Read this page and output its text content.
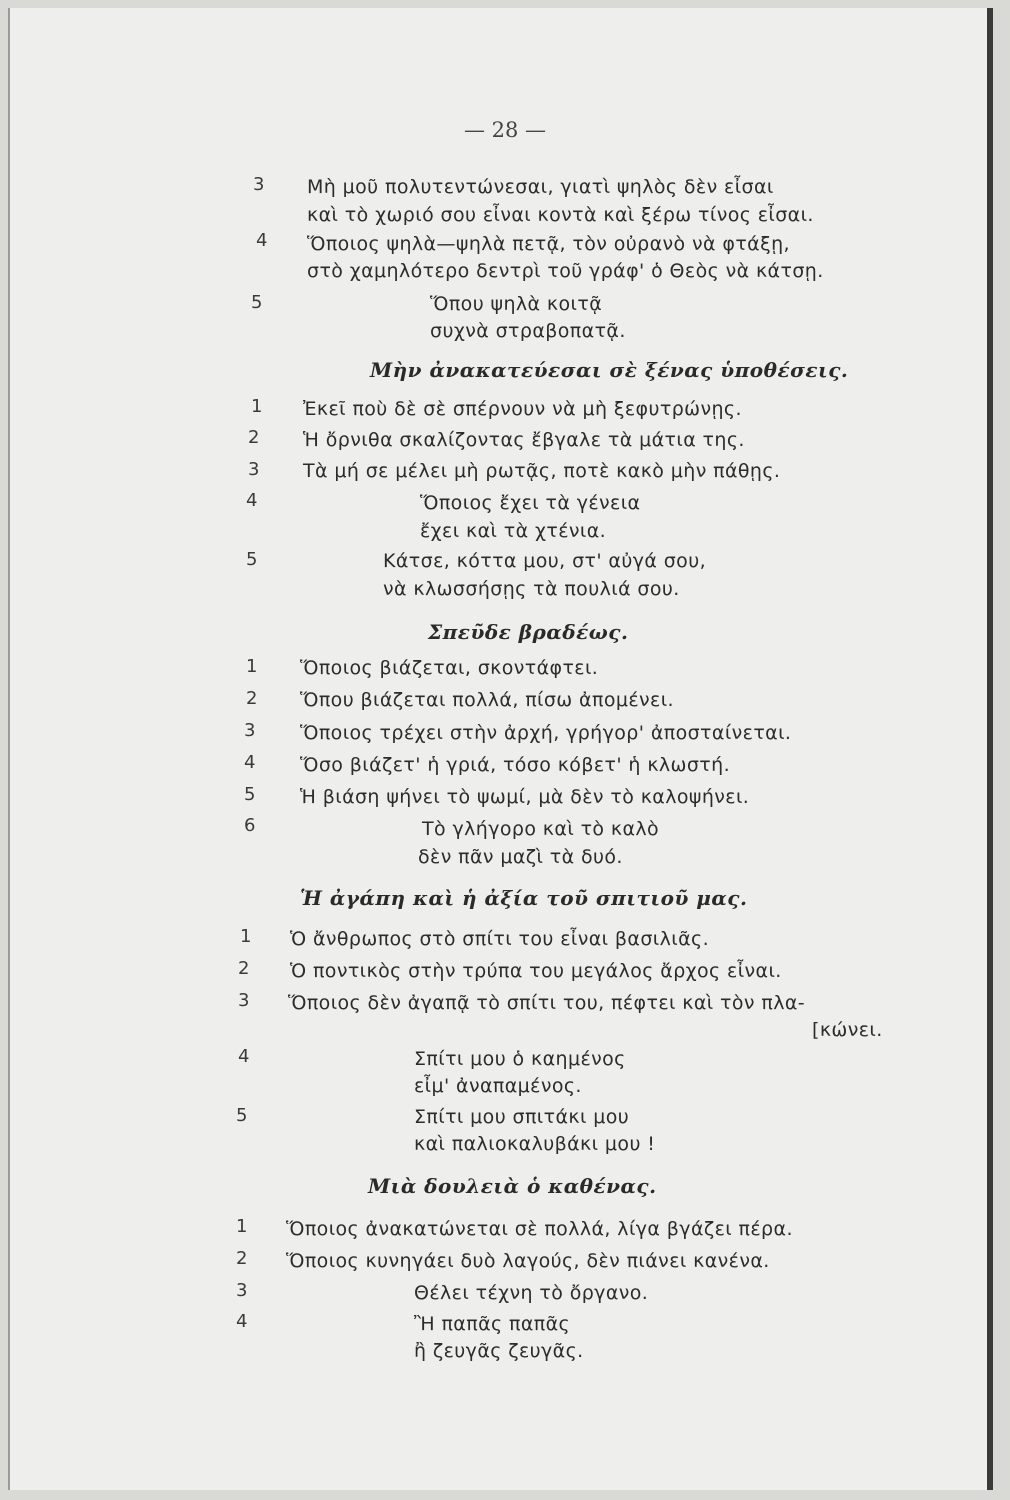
— 28 —
3 Μὴ μοῦ πολυτεντώνεσαι, γιατὶ ψηλὸς δὲν εἶσαι
καὶ τὸ χωριό σου εἶναι κοντὰ καὶ ξέρω τίνος εἶσαι.
4 Ὅποιος ψηλὰ—ψηλὰ πετᾷ, τὸν οὐρανὸ νὰ φτάξῃ,
στὸ χαμηλότερο δεντρὶ τοῦ γράφ' ὁ Θεὸς νὰ κάτσῃ.
5	Ὅπου ψηλὰ κοιτᾷ
συχνὰ στραβοπατᾷ.
Μὴν ἀνακατεύεσαι σὲ ξένας ὑποθέσεις.
1 Ἐκεῖ ποὺ δὲ σὲ σπέρνουν νὰ μὴ ξεφυτρώνῃς.
2 Ἡ ὄρνιθα σκαλίζοντας ἔβγαλε τὰ μάτια της.
3 Τὰ μή σε μέλει μὴ ρωτᾷς, ποτὲ κακὸ μὴν πάθῃς.
4	Ὅποιος ἔχει τὰ γένεια
ἔχει καὶ τὰ χτένια.
5	Κάτσε, κόττα μου, στ' αὐγά σου,
νὰ κλωσσήσῃς τὰ πουλιά σου.
Σπεῦδε βραδέως.
1 Ὅποιος βιάζεται, σκοντάφτει.
2 Ὅπου βιάζεται πολλά, πίσω ἀπομένει.
3 Ὅποιος τρέχει στὴν ἀρχή, γρήγορ' ἀποσταίνεται.
4 Ὅσο βιάζετ' ἡ γριά, τόσο κόβετ' ἡ κλωστή.
5 Ἡ βιάση ψήνει τὸ ψωμί, μὰ δὲν τὸ καλοψήνει.
6	Τὸ γλήγορο καὶ τὸ καλὸ
δὲν πᾶν μαζὶ τὰ δυό.
Ἡ ἀγάπη καὶ ἡ ἀξία τοῦ σπιτιοῦ μας.
1 Ὁ ἄνθρωπος στὸ σπίτι του εἶναι βασιλιᾶς.
2 Ὁ ποντικὸς στὴν τρύπα του μεγάλος ἄρχος εἶναι.
3 Ὅποιος δὲν ἀγαπᾷ τὸ σπίτι του, πέφτει καὶ τὸν πλα-
[κώνει.
4	Σπίτι μου ὁ καημένος
εἶμ' ἀναπαμένος.
5	Σπίτι μου σπιτάκι μου
καὶ παλιοκαλυβάκι μου !
Μιὰ δουλειὰ ὁ καθένας.
1 Ὅποιος ἀνακατώνεται σὲ πολλά, λίγα βγάζει πέρα.
2 Ὅποιος κυνηγάει δυὸ λαγούς, δὲν πιάνει κανένα.
3	Θέλει τέχνη τὸ ὄργανο.
4	Ἢ παπᾶς παπᾶς
ἢ ζευγᾶς ζευγᾶς.
